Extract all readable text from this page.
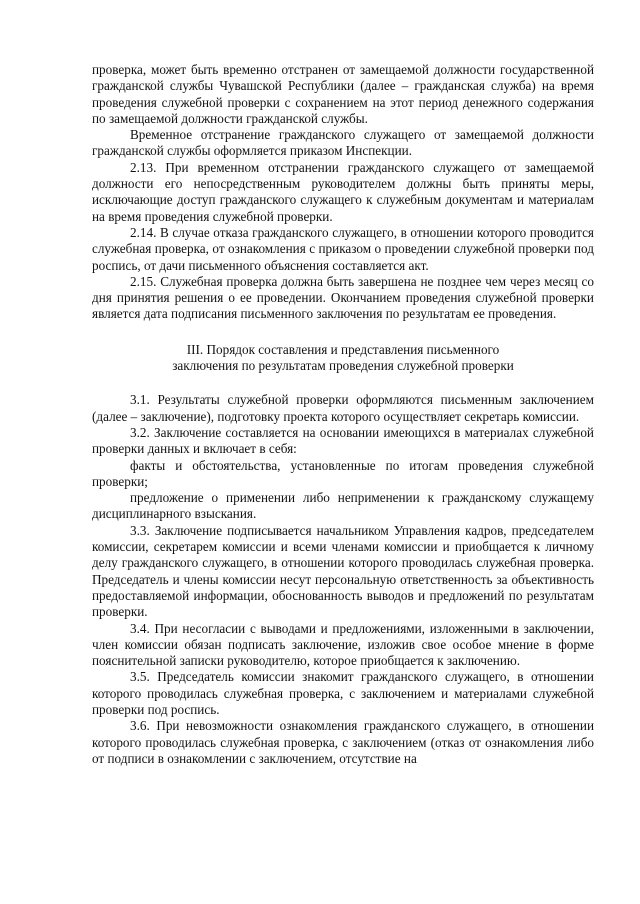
проверка, может быть временно отстранен от замещаемой должности государственной гражданской службы Чувашской Республики (далее – гражданская служба) на время проведения служебной проверки с сохранением на этот период денежного содержания по замещаемой должности гражданской службы.

Временное отстранение гражданского служащего от замещаемой должности гражданской службы оформляется приказом Инспекции.

2.13. При временном отстранении гражданского служащего от замещаемой должности его непосредственным руководителем должны быть приняты меры, исключающие доступ гражданского служащего к служебным документам и материалам на время проведения служебной проверки.

2.14. В случае отказа гражданского служащего, в отношении которого проводится служебная проверка, от ознакомления с приказом о проведении служебной проверки под роспись, от дачи письменного объяснения составляется акт.

2.15. Служебная проверка должна быть завершена не позднее чем через месяц со дня принятия решения о ее проведении. Окончанием проведения служебной проверки является дата подписания письменного заключения по результатам ее проведения.

III. Порядок составления и представления письменного
заключения по результатам проведения служебной проверки

3.1. Результаты служебной проверки оформляются письменным заключением (далее – заключение), подготовку проекта которого осуществляет секретарь комиссии.

3.2. Заключение составляется на основании имеющихся в материалах служебной проверки данных и включает в себя:

факты и обстоятельства, установленные по итогам проведения служебной проверки;

предложение о применении либо неприменении к гражданскому служащему дисциплинарного взыскания.

3.3. Заключение подписывается начальником Управления кадров, председателем комиссии, секретарем комиссии и всеми членами комиссии и приобщается к личному делу гражданского служащего, в отношении которого проводилась служебная проверка. Председатель и члены комиссии несут персональную ответственность за объективность предоставляемой информации, обоснованность выводов и предложений по результатам проверки.

3.4. При несогласии с выводами и предложениями, изложенными в заключении, член комиссии обязан подписать заключение, изложив свое особое мнение в форме пояснительной записки руководителю, которое приобщается к заключению.

3.5. Председатель комиссии знакомит гражданского служащего, в отношении которого проводилась служебная проверка, с заключением и материалами служебной проверки под роспись.

3.6. При невозможности ознакомления гражданского служащего, в отношении которого проводилась служебная проверка, с заключением (отказ от ознакомления либо от подписи в ознакомлении с заключением, отсутствие на
